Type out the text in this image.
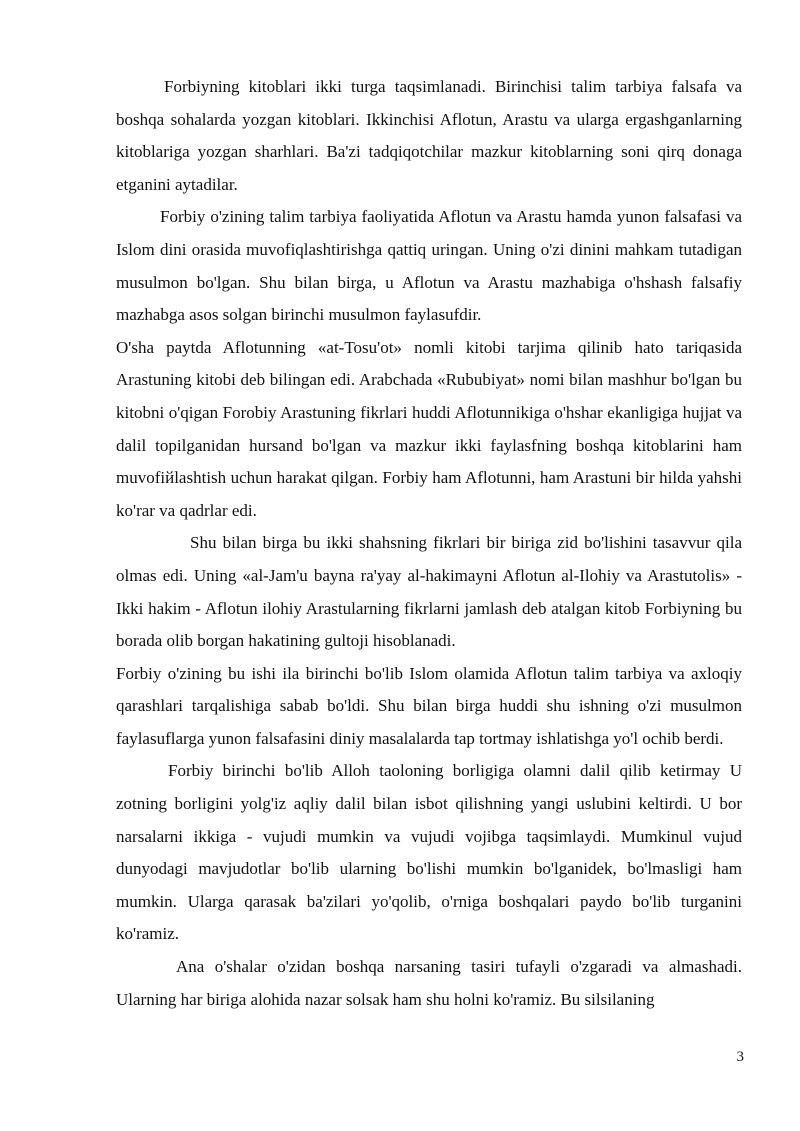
Forbiyning kitoblari ikki turga taqsimlanadi. Birinchisi talim tarbiya falsafa va boshqa sohalarda yozgan kitoblari. Ikkinchisi Aflotun, Arastu va ularga ergashganlarning kitoblariga yozgan sharhlari. Ba'zi tadqiqotchilar mazkur kitoblarning soni qirq donaga etganini aytadilar.

Forbiy o'zining talim tarbiya faoliyatida Aflotun va Arastu hamda yunon falsafasi va Islom dini orasida muvofiqlashtirishga qattiq uringan. Uning o'zi dinini mahkam tutadigan musulmon bo'lgan. Shu bilan birga, u Aflotun va Arastu mazhabiga o'hshash falsafiy mazhabga asos solgan birinchi musulmon faylasufdir.

O'sha paytda Aflotunning «at-Tosu'ot» nomli kitobi tarjima qilinib hato tariqasida Arastuning kitobi deb bilingan edi. Arabchada «Rububiyat» nomi bilan mashhur bo'lgan bu kitobni o'qigan Forobiy Arastuning fikrlari huddi Aflotunnikiga o'hshar ekanligiga hujjat va dalil topilganidan hursand bo'lgan va mazkur ikki faylasfning boshqa kitoblarini ham muvofiйlashtish uchun harakat qilgan. Forbiy ham Aflotunni, ham Arastuni bir hilda yahshi ko'rar va qadrlar edi.

Shu bilan birga bu ikki shahsning fikrlari bir biriga zid bo'lishini tasavvur qila olmas edi. Uning «al-Jam'u bayna ra'yay al-hakimayni Aflotun al-Ilohiy va Arastutolis» - Ikki hakim - Aflotun ilohiy Arastularning fikrlarni jamlash deb atalgan kitob Forbiyning bu borada olib borgan hakatining gultoji hisoblanadi.

Forbiy o'zining bu ishi ila birinchi bo'lib Islom olamida Aflotun talim tarbiya va axloqiy qarashlari tarqalishiga sabab bo'ldi. Shu bilan birga huddi shu ishning o'zi musulmon faylasuflarga yunon falsafasini diniy masalalarda tap tortmay ishlatishga yo'l ochib berdi.

Forbiy birinchi bo'lib Alloh taoloning borligiga olamni dalil qilib ketirmay U zotning borligini yolg'iz aqliy dalil bilan isbot qilishning yangi uslubini keltirdi. U bor narsalarni ikkiga - vujudi mumkin va vujudi vojibga taqsimlaydi. Mumkinul vujud dunyodagi mavjudotlar bo'lib ularning bo'lishi mumkin bo'lganidek, bo'lmasligi ham mumkin. Ularga qarasak ba'zilari yo'qolib, o'rniga boshqalari paydo bo'lib turganini ko'ramiz.

Ana o'shalar o'zidan boshqa narsaning tasiri tufayli o'zgaradi va almashadi. Ularning har biriga alohida nazar solsak ham shu holni ko'ramiz. Bu silsilaning

3
